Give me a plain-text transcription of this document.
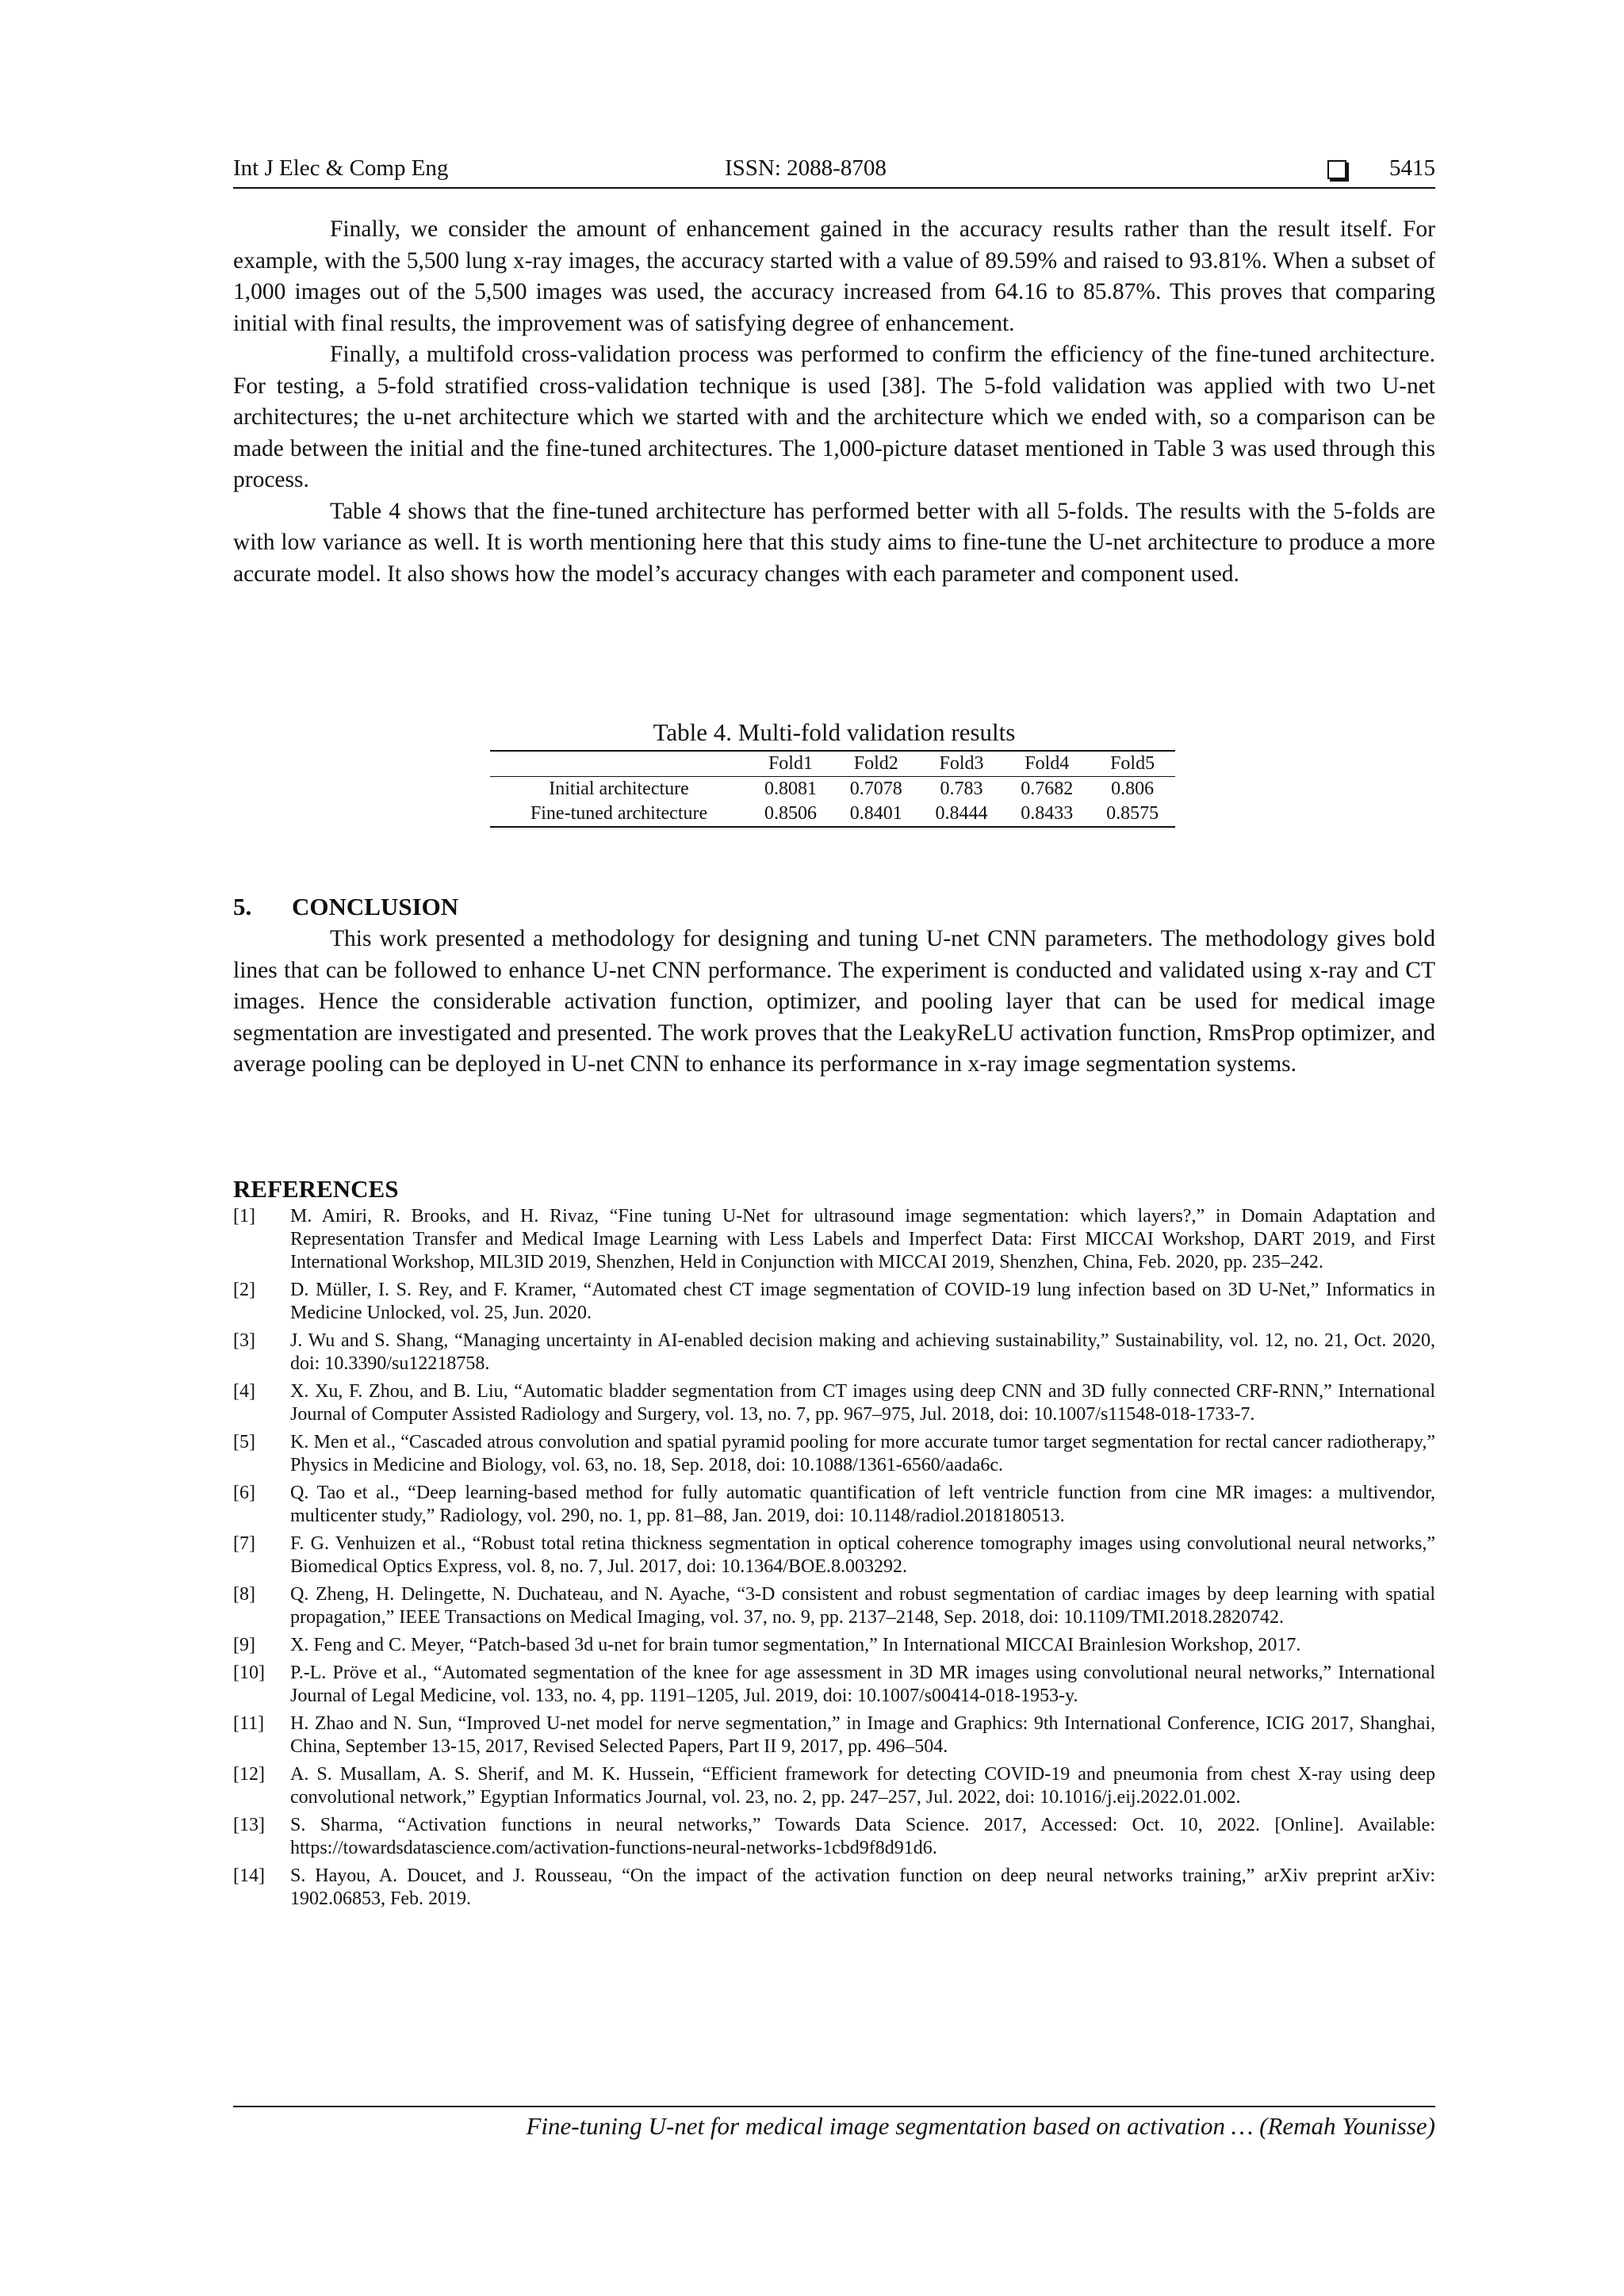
Int J Elec & Comp Eng	ISSN: 2088-8708	5415

Finally, we consider the amount of enhancement gained in the accuracy results rather than the result itself. For example, with the 5,500 lung x-ray images, the accuracy started with a value of 89.59% and raised to 93.81%. When a subset of 1,000 images out of the 5,500 images was used, the accuracy increased from 64.16 to 85.87%. This proves that comparing initial with final results, the improvement was of satisfying degree of enhancement.

Finally, a multifold cross-validation process was performed to confirm the efficiency of the fine-tuned architecture. For testing, a 5-fold stratified cross-validation technique is used [38]. The 5-fold validation was applied with two U-net architectures; the u-net architecture which we started with and the architecture which we ended with, so a comparison can be made between the initial and the fine-tuned architectures. The 1,000-picture dataset mentioned in Table 3 was used through this process.

Table 4 shows that the fine-tuned architecture has performed better with all 5-folds. The results with the 5-folds are with low variance as well. It is worth mentioning here that this study aims to fine-tune the U-net architecture to produce a more accurate model. It also shows how the model’s accuracy changes with each parameter and component used.

Table 4. Multi-fold validation results
	Fold1	Fold2	Fold3	Fold4	Fold5
Initial architecture	0.8081	0.7078	0.783	0.7682	0.806
Fine-tuned architecture	0.8506	0.8401	0.8444	0.8433	0.8575
5. CONCLUSION

This work presented a methodology for designing and tuning U-net CNN parameters. The methodology gives bold lines that can be followed to enhance U-net CNN performance. The experiment is conducted and validated using x-ray and CT images. Hence the considerable activation function, optimizer, and pooling layer that can be used for medical image segmentation are investigated and presented. The work proves that the LeakyReLU activation function, RmsProp optimizer, and average pooling can be deployed in U-net CNN to enhance its performance in x-ray image segmentation systems.

REFERENCES
[1] M. Amiri, R. Brooks, and H. Rivaz, “Fine tuning U-Net for ultrasound image segmentation: which layers?,” in Domain Adaptation and Representation Transfer and Medical Image Learning with Less Labels and Imperfect Data: First MICCAI Workshop, DART 2019, and First International Workshop, MIL3ID 2019, Shenzhen, Held in Conjunction with MICCAI 2019, Shenzhen, China, Feb. 2020, pp. 235–242.
[2] D. Müller, I. S. Rey, and F. Kramer, “Automated chest CT image segmentation of COVID-19 lung infection based on 3D U-Net,” Informatics in Medicine Unlocked, vol. 25, Jun. 2020.
[3] J. Wu and S. Shang, “Managing uncertainty in AI-enabled decision making and achieving sustainability,” Sustainability, vol. 12, no. 21, Oct. 2020, doi: 10.3390/su12218758.
[4] X. Xu, F. Zhou, and B. Liu, “Automatic bladder segmentation from CT images using deep CNN and 3D fully connected CRF-RNN,” International Journal of Computer Assisted Radiology and Surgery, vol. 13, no. 7, pp. 967–975, Jul. 2018, doi: 10.1007/s11548-018-1733-7.
[5] K. Men et al., “Cascaded atrous convolution and spatial pyramid pooling for more accurate tumor target segmentation for rectal cancer radiotherapy,” Physics in Medicine and Biology, vol. 63, no. 18, Sep. 2018, doi: 10.1088/1361-6560/aada6c.
[6] Q. Tao et al., “Deep learning-based method for fully automatic quantification of left ventricle function from cine MR images: a multivendor, multicenter study,” Radiology, vol. 290, no. 1, pp. 81–88, Jan. 2019, doi: 10.1148/radiol.2018180513.
[7] F. G. Venhuizen et al., “Robust total retina thickness segmentation in optical coherence tomography images using convolutional neural networks,” Biomedical Optics Express, vol. 8, no. 7, Jul. 2017, doi: 10.1364/BOE.8.003292.
[8] Q. Zheng, H. Delingette, N. Duchateau, and N. Ayache, “3-D consistent and robust segmentation of cardiac images by deep learning with spatial propagation,” IEEE Transactions on Medical Imaging, vol. 37, no. 9, pp. 2137–2148, Sep. 2018, doi: 10.1109/TMI.2018.2820742.
[9] X. Feng and C. Meyer, “Patch-based 3d u-net for brain tumor segmentation,” In International MICCAI Brainlesion Workshop, 2017.
[10] P.-L. Pröve et al., “Automated segmentation of the knee for age assessment in 3D MR images using convolutional neural networks,” International Journal of Legal Medicine, vol. 133, no. 4, pp. 1191–1205, Jul. 2019, doi: 10.1007/s00414-018-1953-y.
[11] H. Zhao and N. Sun, “Improved U-net model for nerve segmentation,” in Image and Graphics: 9th International Conference, ICIG 2017, Shanghai, China, September 13-15, 2017, Revised Selected Papers, Part II 9, 2017, pp. 496–504.
[12] A. S. Musallam, A. S. Sherif, and M. K. Hussein, “Efficient framework for detecting COVID-19 and pneumonia from chest X-ray using deep convolutional network,” Egyptian Informatics Journal, vol. 23, no. 2, pp. 247–257, Jul. 2022, doi: 10.1016/j.eij.2022.01.002.
[13] S. Sharma, “Activation functions in neural networks,” Towards Data Science. 2017, Accessed: Oct. 10, 2022. [Online]. Available: https://towardsdatascience.com/activation-functions-neural-networks-1cbd9f8d91d6.
[14] S. Hayou, A. Doucet, and J. Rousseau, “On the impact of the activation function on deep neural networks training,” arXiv preprint arXiv: 1902.06853, Feb. 2019.
Fine-tuning U-net for medical image segmentation based on activation … (Remah Younisse)
